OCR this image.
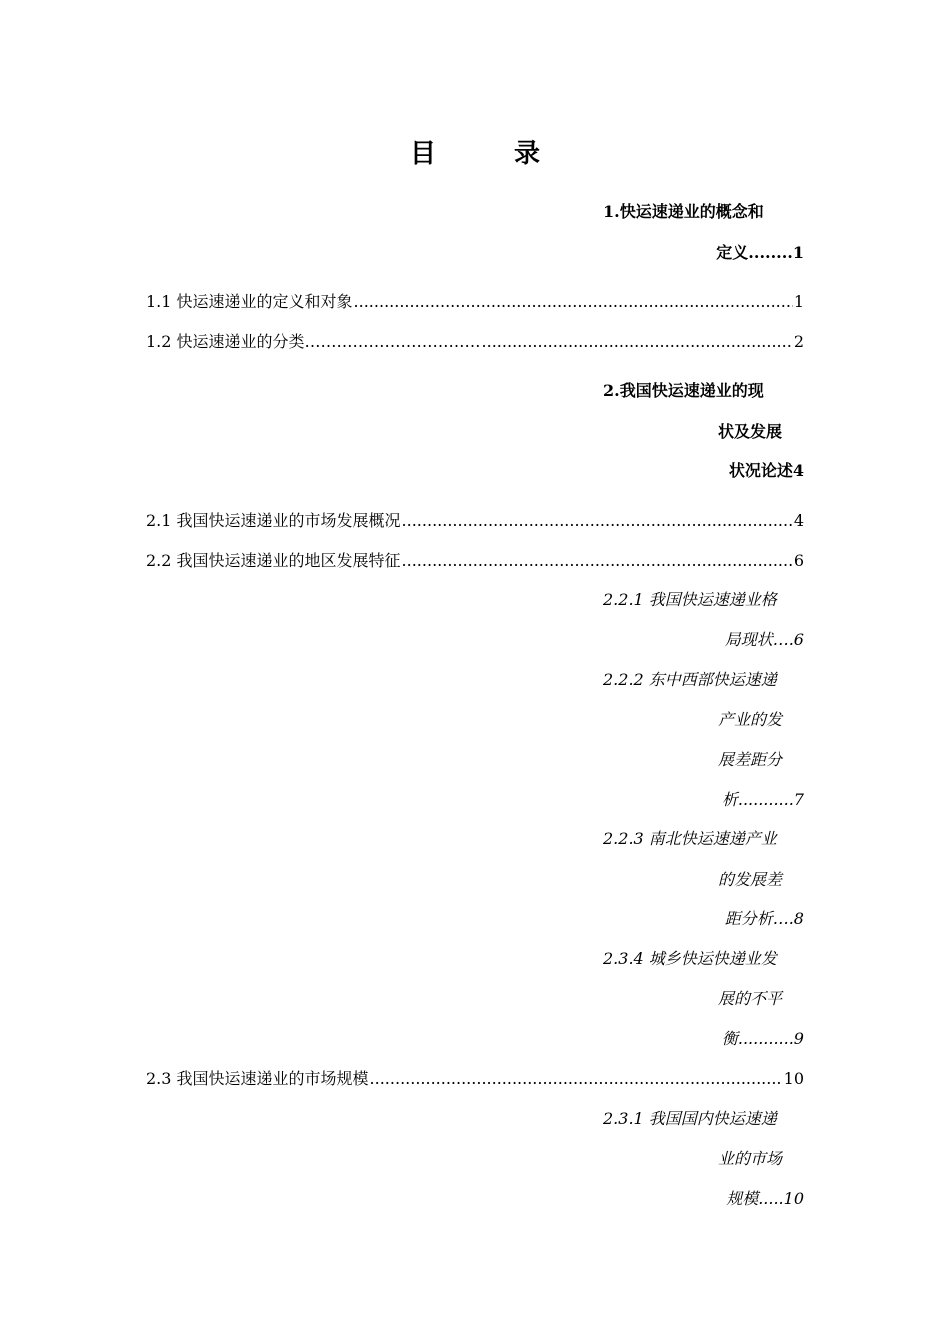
目　录
1.快运速递业的概念和
定义........1
1.1 快运速递业的定义和对象 .....	1
1.2 快运速递业的分类…………………………… .....	2
2.我国快运速递业的现
状及发展
状况论述4
2.1 我国快运速递业的市场发展概况 .....	4
2.2 我国快运速递业的地区发展特征 .....	6
2.2.1 我国快运速递业格
局现状….6
2.2.2 东中西部快运速递
产业的发
展差距分
析...........7
2.2.3 南北快运速递产业
的发展差
距分析….8
2.3.4 城乡快运快递业发
展的不平
衡...........9
2.3 我国快运速递业的市场规模 .....	10
2.3.1 我国国内快运速递
业的市场
规模.....10
